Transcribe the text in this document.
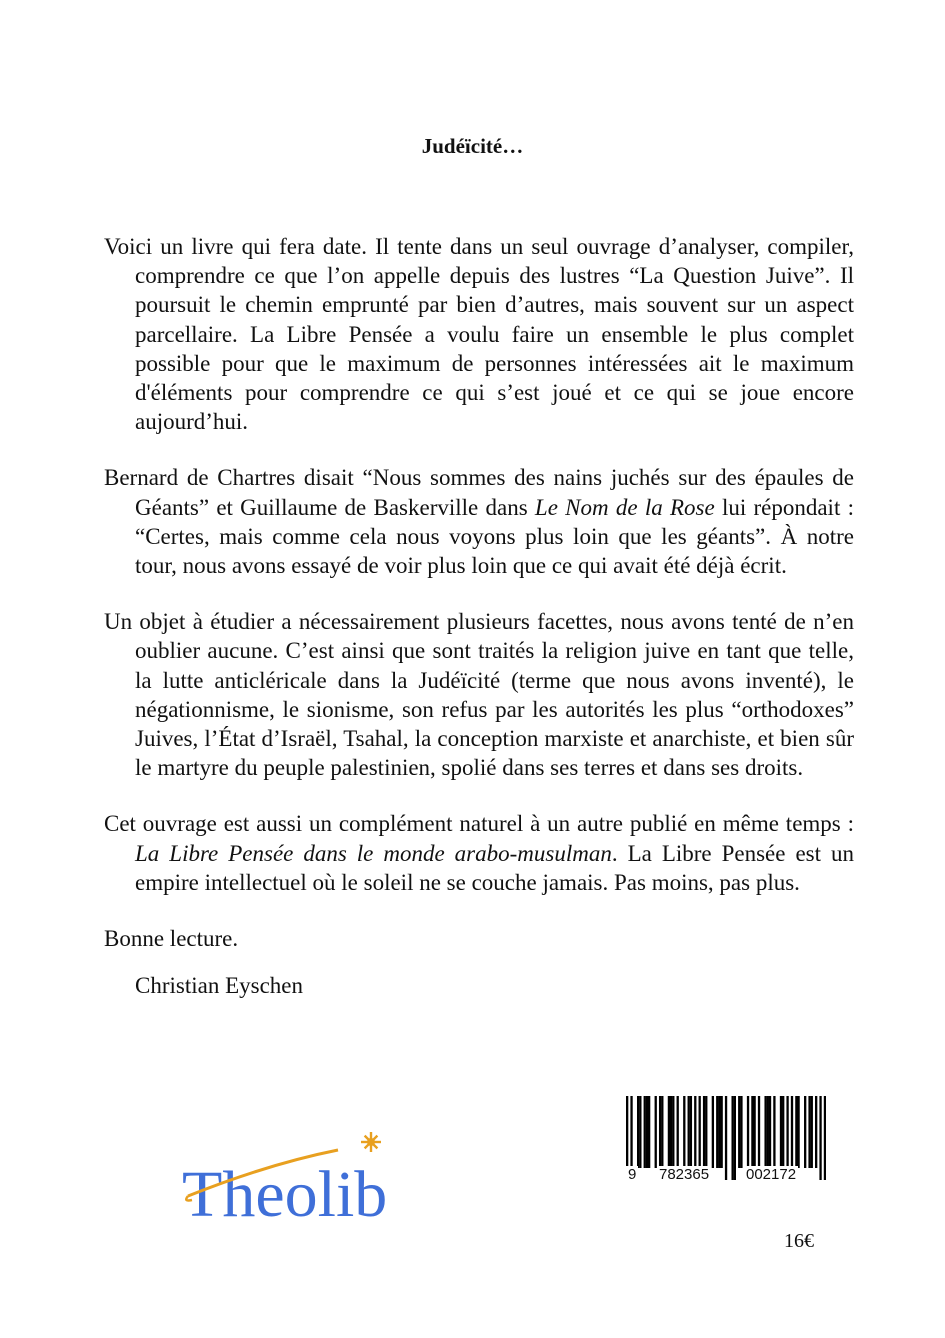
Judéïcité…

Voici un livre qui fera date. Il tente dans un seul ouvrage d’analyser, compiler, comprendre ce que l’on appelle depuis des lustres “La Question Juive”. Il poursuit le chemin emprunté par bien d’autres, mais souvent sur un aspect parcellaire. La Libre Pensée a voulu faire un ensemble le plus complet possible pour que le maximum de personnes intéressées ait le maximum d'éléments pour comprendre ce qui s’est joué et ce qui se joue encore aujourd’hui.

Bernard de Chartres disait “Nous sommes des nains juchés sur des épaules de Géants” et Guillaume de Baskerville dans Le Nom de la Rose lui répondait : “Certes, mais comme cela nous voyons plus loin que les géants”. À notre tour, nous avons essayé de voir plus loin que ce qui avait été déjà écrit.

Un objet à étudier a nécessairement plusieurs facettes, nous avons tenté de n’en oublier aucune. C’est ainsi que sont traités la religion juive en tant que telle, la lutte anticléricale dans la Judéïcité (terme que nous avons inventé), le négationnisme, le sionisme, son refus par les autorités les plus “orthodoxes” Juives, l’État d’Israël, Tsahal, la conception marxiste et anarchiste, et bien sûr le martyre du peuple palestinien, spolié dans ses terres et dans ses droits.

Cet ouvrage est aussi un complément naturel à un autre publié en même temps : La Libre Pensée dans le monde arabo-musulman. La Libre Pensée est un empire intellectuel où le soleil ne se couche jamais. Pas moins, pas plus.

Bonne lecture.

Christian Eyschen

Theolib	9 782365 002172
16€
